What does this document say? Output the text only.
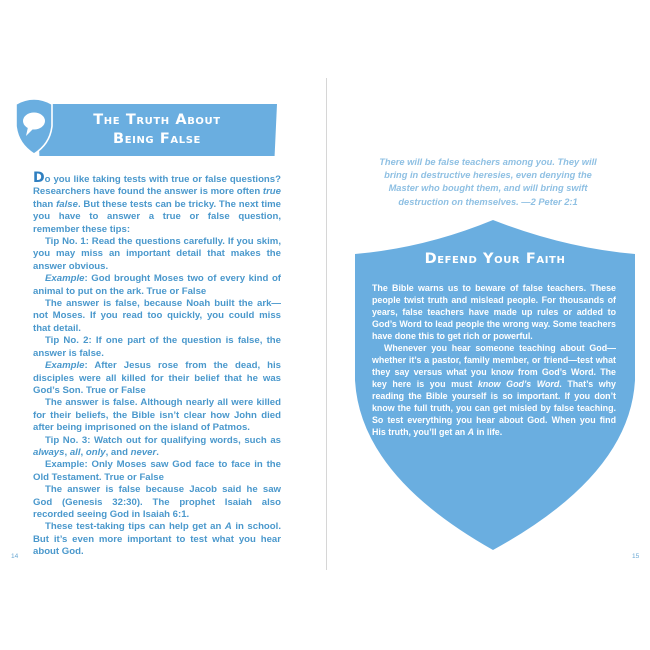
The Truth About
Being False

Do you like taking tests with true or false questions? Researchers have found the answer is more often true than false. But these tests can be tricky. The next time you have to answer a true or false question, remember these tips:

Tip No. 1: Read the questions carefully. If you skim, you may miss an important detail that makes the answer obvious.

Example: God brought Moses two of every kind of animal to put on the ark. True or False

The answer is false, because Noah built the ark—not Moses. If you read too quickly, you could miss that detail.

Tip No. 2: If one part of the question is false, the answer is false.

Example: After Jesus rose from the dead, his disciples were all killed for their belief that he was God’s Son. True or False

The answer is false. Although nearly all were killed for their beliefs, the Bible isn’t clear how John died after being imprisoned on the island of Patmos.

Tip No. 3: Watch out for qualifying words, such as always, all, only, and never.

Example: Only Moses saw God face to face in the Old Testament. True or False

The answer is false because Jacob said he saw God (Genesis 32:30). The prophet Isaiah also recorded seeing God in Isaiah 6:1.

These test-taking tips can help get an A in school. But it’s even more important to test what you hear about God.

14
There will be false teachers among you. They will bring in destructive heresies, even denying the Master who bought them, and will bring swift destruction on themselves. —2 Peter 2:1
Defend Your Faith

The Bible warns us to beware of false teachers. These people twist truth and mislead people. For thousands of years, false teachers have made up rules or added to God’s Word to lead people the wrong way. Some teachers have done this to get rich or powerful.

Whenever you hear someone teaching about God—whether it’s a pastor, family member, or friend—test what they say versus what you know from God’s Word. The key here is you must know God’s Word. That’s why reading the Bible yourself is so important. If you don’t know the full truth, you can get misled by false teaching. So test everything you hear about God. When you find His truth, you’ll get an A in life.

15
